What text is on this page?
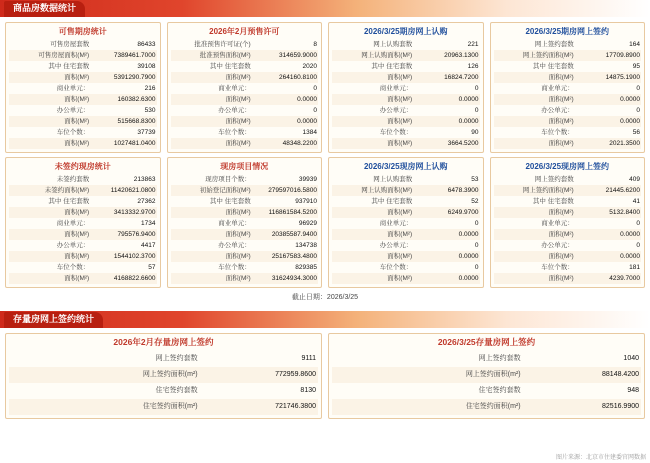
商品房数据统计
可售期房统计
可售房屋套数	86433
可售房屋面积(M²)	7389461.7000
其中 住宅套数	39108
面积(M²)	5391290.7900
商业单元：	216
面积(M²)	160382.6300
办公单元：	530
面积(M²)	515668.8300
车位个数：	37739
面积(M²)	1027481.0400
2026年2月预售许可
批准预售许可证(个)	8
批准预售面积(M²)	314659.9000
其中 住宅套数	2020
面积(M²)	264160.8100
商业单元：	0
面积(M²)	0.0000
办公单元：	0
面积(M²)	0.0000
车位个数：	1384
面积(M²)	48348.2200
2026/3/25期房网上认购
网上认购套数	221
网上认购面积(M²)	20963.1300
其中 住宅套数	126
面积(M²)	16824.7200
商业单元：	0
面积(M²)	0.0000
办公单元：	0
面积(M²)	0.0000
车位个数：	90
面积(M²)	3664.5200
2026/3/25期房网上签约
网上签约套数	164
网上签约面积(M²)	17709.8900
其中 住宅套数	95
面积(M²)	14875.1900
商业单元：	0
面积(M²)	0.0000
办公单元：	0
面积(M²)	0.0000
车位个数：	56
面积(M²)	2021.3500
未签约现房统计
未签约套数	213863
未签约面积(M²)	11420621.0800
其中 住宅套数	27362
面积(M²)	3413332.9700
商业单元：	1734
面积(M²)	795576.9400
办公单元：	4417
面积(M²)	1544102.3700
车位个数：	57
面积(M²)	4168822.6600
现房项目情况
现房项目个数：	39939
初始登记面积(M²)	279597016.5800
其中 住宅套数	937910
面积(M²)	116861584.5200
商业单元：	96929
面积(M²)	20385587.9400
办公单元：	134738
面积(M²)	25167583.4800
车位个数：	829385
面积(M²)	31624934.3000
2026/3/25现房网上认购
网上认购套数	53
网上认购面积(M²)	6478.3900
其中 住宅套数	52
面积(M²)	6249.9700
商业单元：	0
面积(M²)	0.0000
办公单元：	0
面积(M²)	0.0000
车位个数：	0
面积(M²)	0.0000
2026/3/25现房网上签约
网上签约套数	409
网上签约面积(M²)	21445.6200
其中 住宅套数	41
面积(M²)	5132.8400
商业单元：	0
面积(M²)	0.0000
办公单元：	0
面积(M²)	0.0000
车位个数：	181
面积(M²)	4239.7000
截止日期：2026/3/25
存量房网上签约统计
2026年2月存量房网上签约
网上签约套数	9111
网上签约面积(m²)	772959.8600
住宅签约套数	8130
住宅签约面积(m²)	721746.3800
2026/3/25存量房网上签约
网上签约套数	1040
网上签约面积(m²)	88148.4200
住宅签约套数	948
住宅签约面积(m²)	82516.9900
图片来源：北京市住建委官网数据
